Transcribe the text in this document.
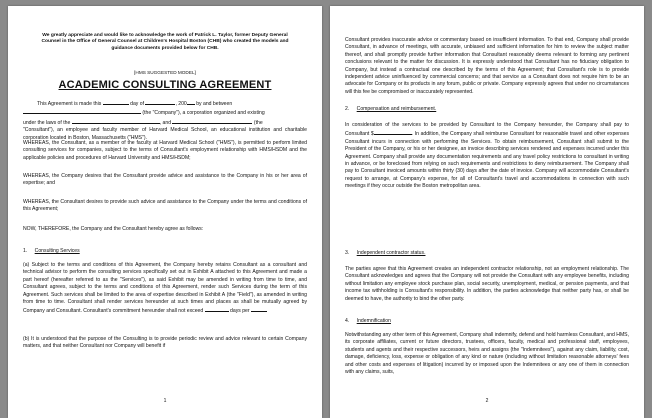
We greatly appreciate and would like to acknowledge the work of Patrick L. Taylor, former Deputy General Counsel in the Office of General Counsel at Children's Hospital Boston (CHB) who created the models and guidance documents provided below for CHB.
[HMS SUGGESTED MODEL]
ACADEMIC CONSULTING AGREEMENT

This Agreement is made this	day of	, 200 by and between
(the "Company"), a corporation organized and existing
under the laws of the	, and	(the
"Consultant"), an employee and faculty member of Harvard Medical School, an educational institution and charitable corporation located in Boston, Massachusetts ("HMS").

WHEREAS, the Consultant, as a member of the faculty at Harvard Medical School ("HMS"), is permitted to perform limited consulting services for companies, subject to the terms of Consultant's employment relationship with HMS/HSDM and the applicable policies and procedures of Harvard University and HMS/HSDM;

WHEREAS, the Company desires that the Consultant provide advice and assistance to the Company in his or her area of expertise; and

WHEREAS, the Consultant desires to provide such advice and assistance to the Company under the terms and conditions of this Agreement;

NOW, THEREFORE, the Company and the Consultant hereby agree as follows:

1. Consulting Services

(a) Subject to the terms and conditions of this Agreement, the Company hereby retains Consultant as a consultant and technical advisor to perform the consulting services specifically set out in Exhibit A attached to this Agreement and made a part hereof (hereafter referred to as the "Services"), as said Exhibit may be amended in writing from time to time, and Consultant agrees, subject to the terms and conditions of this Agreement, render such Services during the term of this Agreement. Such services shall be limited to the area of expertise described in Exhibit A (the "Field"), as amended in writing from time to time. Consultant shall render services hereunder at such times and places as shall be mutually agreed by Company and Consultant. Consultant's commitment hereunder shall not exceed	days per

(b) It is understood that the purpose of the Consulting is to provide periodic review and advice relevant to certain Company matters, and that neither Consultant nor Company will benefit if

1

Consultant provides inaccurate advice or commentary based on insufficient information. To that end, Company shall provide Consultant, in advance of meetings, with accurate, unbiased and sufficient information for him to review the subject matter thereof, and shall promptly provide further information that Consultant reasonably deems relevant to forming any pertinent conclusions relevant to the matter for discussion. It is expressly understood that Consultant has no fiduciary obligation to Company, but instead a contractual one described by the terms of this Agreement; that Consultant's role is to provide independent advice uninfluenced by commercial concerns; and that service as a Consultant does not require him to be an advocate for Company or its products in any forum, public or private. Company expressly agrees that under no circumstances will this fee be compromised or inaccurately represented.

2. Compensation and reimbursement.

In consideration of the services to be provided by Consultant to the Company hereunder, the Company shall pay to Consultant $	. In addition, the Company shall reimburse Consultant for reasonable travel and other expenses Consultant incurs in connection with performing the Services. To obtain reimbursement, Consultant shall submit to the President of the Company, or his or her designee, an invoice describing services rendered and expenses incurred under this Agreement. Company shall provide any documentation requirements and any travel policy restrictions to consultant in writing in advance, or be foreclosed from relying on such requirements and restrictions to deny reimbursement. The Company shall pay to Consultant invoiced amounts within thirty (30) days after the date of invoice. Company will accommodate Consultant's request to arrange, at Company's expense, for all of Consultant's travel and accommodations in connection with such meetings if they occur outside the Boston metropolitan area.

3. Independent contractor status.

The parties agree that this Agreement creates an independent contractor relationship, not an employment relationship. The Consultant acknowledges and agrees that the Company will not provide the Consultant with any employee benefits, including without limitation any employee stock purchase plan, social security, unemployment, medical, or pension payments, and that income tax withholding is Consultant's responsibility. In addition, the parties acknowledge that neither party has, or shall be deemed to have, the authority to bind the other party.

4. Indemnification

Notwithstanding any other term of this Agreement, Company shall indemnify, defend and hold harmless Consultant, and HMS, its corporate affiliates, current or future directors, trustees, officers, faculty, medical and professional staff, employees, students and agents and their respective successors, heirs and assigns (the "Indemnitees"), against any claim, liability, cost, damage, deficiency, loss, expense or obligation of any kind or nature (including without limitation reasonable attorneys' fees and other costs and expenses of litigation) incurred by or imposed upon the Indemnitees or any one of them in connection with any claims, suits,

2
